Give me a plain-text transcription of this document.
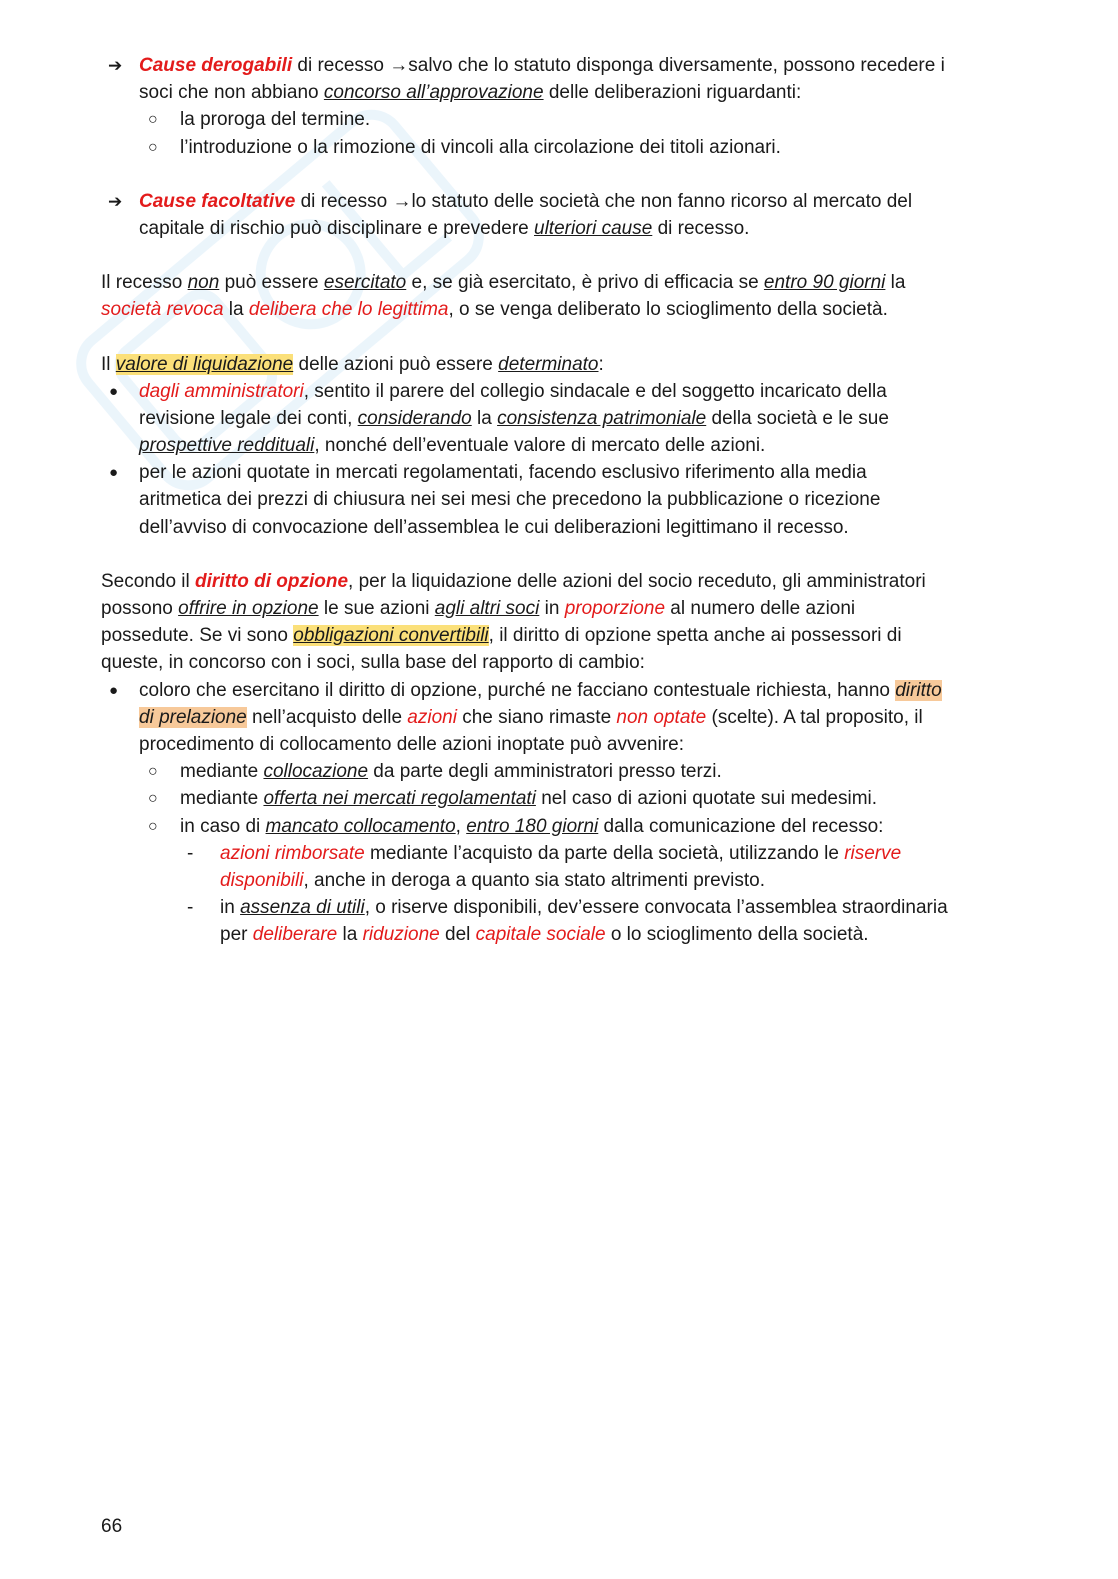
➔ Cause derogabili di recesso →salvo che lo statuto disponga diversamente, possono recedere i
soci che non abbiano concorso all’approvazione delle deliberazioni riguardanti:
○ la proroga del termine.
○ l’introduzione o la rimozione di vincoli alla circolazione dei titoli azionari.
➔ Cause facoltative di recesso →lo statuto delle società che non fanno ricorso al mercato del
capitale di rischio può disciplinare e prevedere ulteriori cause di recesso.
Il recesso non può essere esercitato e, se già esercitato, è privo di efficacia se entro 90 giorni la
società revoca la delibera che lo legittima, o se venga deliberato lo scioglimento della società.
Il valore di liquidazione delle azioni può essere determinato:
● dagli amministratori, sentito il parere del collegio sindacale e del soggetto incaricato della
revisione legale dei conti, considerando la consistenza patrimoniale della società e le sue
prospettive reddituali, nonché dell’eventuale valore di mercato delle azioni.
● per le azioni quotate in mercati regolamentati, facendo esclusivo riferimento alla media
aritmetica dei prezzi di chiusura nei sei mesi che precedono la pubblicazione o ricezione
dell’avviso di convocazione dell’assemblea le cui deliberazioni legittimano il recesso.
Secondo il diritto di opzione, per la liquidazione delle azioni del socio receduto, gli amministratori
possono offrire in opzione le sue azioni agli altri soci in proporzione al numero delle azioni
possedute. Se vi sono obbligazioni convertibili, il diritto di opzione spetta anche ai possessori di
queste, in concorso con i soci, sulla base del rapporto di cambio:
● coloro che esercitano il diritto di opzione, purché ne facciano contestuale richiesta, hanno diritto
di prelazione nell’acquisto delle azioni che siano rimaste non optate (scelte). A tal proposito, il
procedimento di collocamento delle azioni inoptate può avvenire:
○ mediante collocazione da parte degli amministratori presso terzi.
○ mediante offerta nei mercati regolamentati nel caso di azioni quotate sui medesimi.
○ in caso di mancato collocamento, entro 180 giorni dalla comunicazione del recesso:
- azioni rimborsate mediante l’acquisto da parte della società, utilizzando le riserve
disponibili, anche in deroga a quanto sia stato altrimenti previsto.
- in assenza di utili, o riserve disponibili, dev’essere convocata l’assemblea straordinaria
per deliberare la riduzione del capitale sociale o lo scioglimento della società.
66
